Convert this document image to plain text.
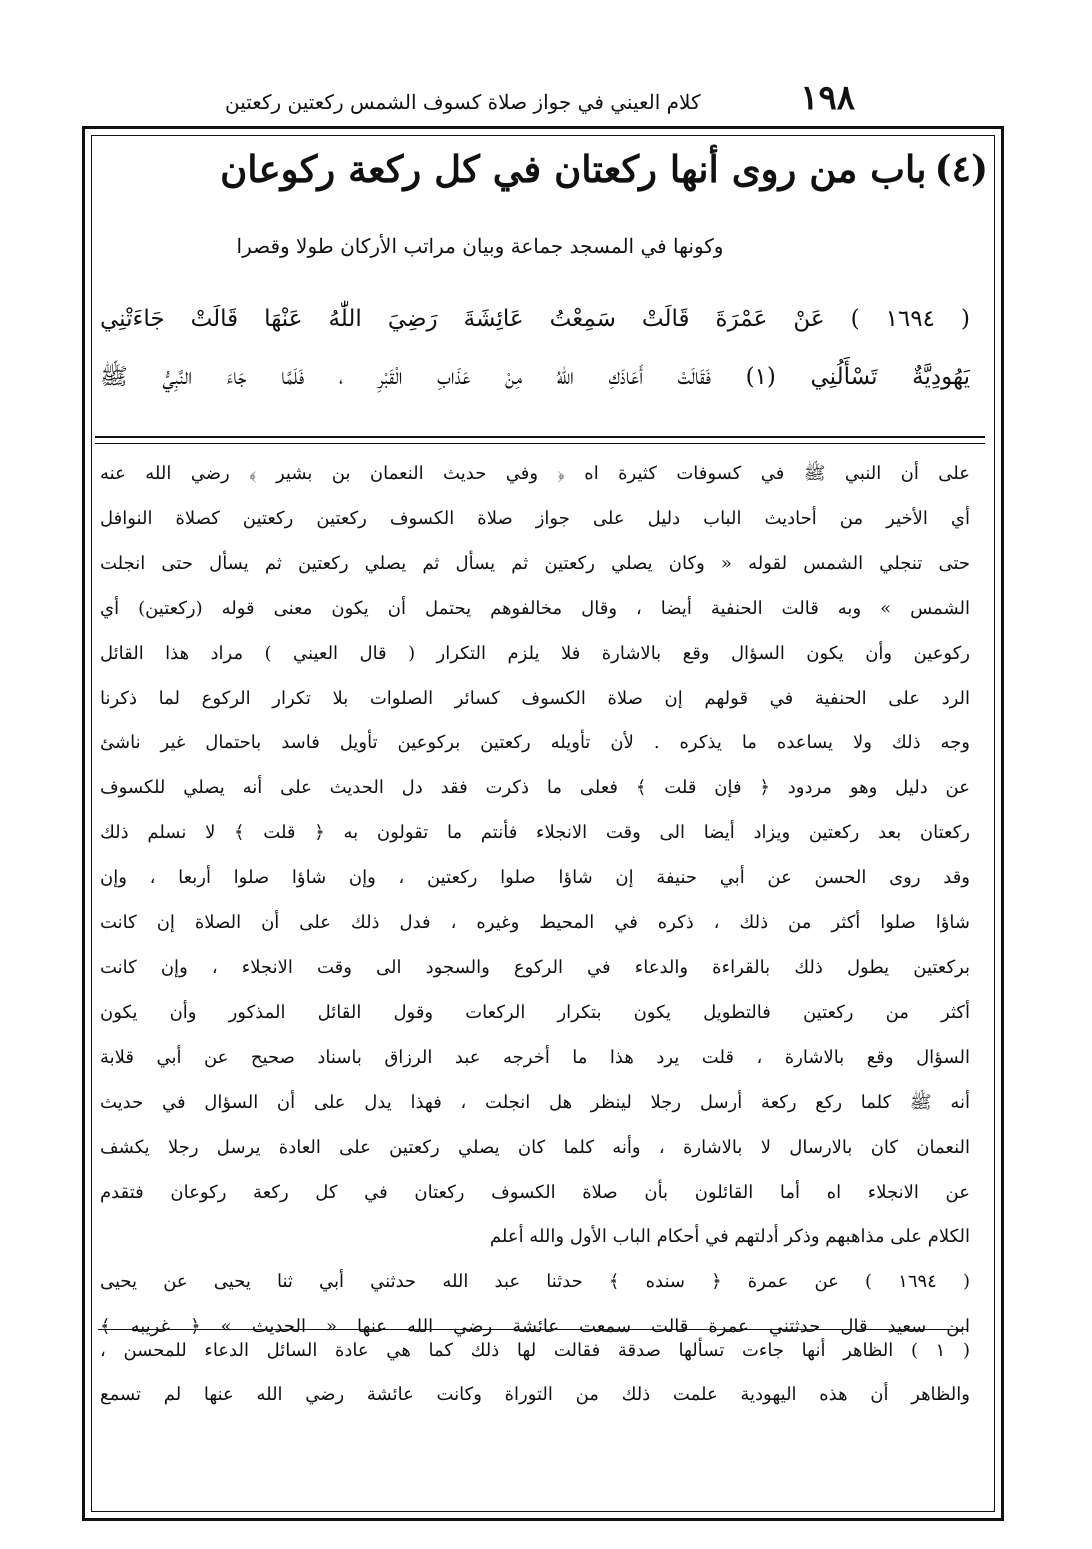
١٩٨
كلام العيني في جواز صلاة كسوف الشمس ركعتين ركعتين
(٤)
باب من روى أنها ركعتان في كل ركعة ركوعان
وكونها في المسجد جماعة وبيان مراتب الأركان طولا وقصرا
( ١٦٩٤ ) عَنْ عَمْرَةَ قَالَتْ سَمِعْتُ عَائِشَةَ رَضِيَ اللّٰهُ عَنْهَا قَالَتْ جَاءَتْنِي
يَهُودِيَّةٌ تَسْأَلُنِي (١) فَقَالَتْ أَعَاذَكِ اللّٰهُ مِنْ عَذَابِ الْقَبْرِ ، فَلَمَّا جَاءَ النَّبِيُّ ﷺ
على أن النبي ﷺ في كسوفات كثيرة اه ﴿ وفي حديث النعمان بن بشير ﴾ رضي الله عنه
أي الأخير من أحاديث الباب دليل على جواز صلاة الكسوف ركعتين ركعتين كصلاة النوافل
حتى تنجلي الشمس لقوله « وكان يصلي ركعتين ثم يسأل ثم يصلي ركعتين ثم يسأل حتى انجلت
الشمس » وبه قالت الحنفية أيضا ، وقال مخالفوهم يحتمل أن يكون معنى قوله (ركعتين) أي
ركوعين وأن يكون السؤال وقع بالاشارة فلا يلزم التكرار ( قال العيني ) مراد هذا القائل
الرد على الحنفية في قولهم إن صلاة الكسوف كسائر الصلوات بلا تكرار الركوع لما ذكرنا
وجه ذلك ولا يساعده ما يذكره . لأن تأويله ركعتين بركوعين تأويل فاسد باحتمال غير ناشئ
عن دليل وهو مردود ﴿ فإن قلت ﴾ فعلى ما ذكرت فقد دل الحديث على أنه يصلي للكسوف
ركعتان بعد ركعتين ويزاد أيضا الى وقت الانجلاء فأنتم ما تقولون به ﴿ قلت ﴾ لا نسلم ذلك
وقد روى الحسن عن أبي حنيفة إن شاؤا صلوا ركعتين ، وإن شاؤا صلوا أربعا ، وإن
شاؤا صلوا أكثر من ذلك ، ذكره في المحيط وغيره ، فدل ذلك على أن الصلاة إن كانت
بركعتين يطول ذلك بالقراءة والدعاء في الركوع والسجود الى وقت الانجلاء ، وإن كانت
أكثر من ركعتين فالتطويل يكون بتكرار الركعات وقول القائل المذكور وأن يكون
السؤال وقع بالاشارة ، قلت يرد هذا ما أخرجه عبد الرزاق باسناد صحيح عن أبي قلابة
أنه ﷺ كلما ركع ركعة أرسل رجلا لينظر هل انجلت ، فهذا يدل على أن السؤال في حديث
النعمان كان بالارسال لا بالاشارة ، وأنه كلما كان يصلي ركعتين على العادة يرسل رجلا يكشف
عن الانجلاء اه أما القائلون بأن صلاة الكسوف ركعتان في كل ركعة ركوعان فتقدم
الكلام على مذاهبهم وذكر أدلتهم في أحكام الباب الأول والله أعلم
( ١٦٩٤ ) عن عمرة ﴿ سنده ﴾ حدثنا عبد الله حدثني أبي ثنا يحيى عن يحيى
ابن سعيد قال حدثتني عمرة قالت سمعت عائشة رضي الله عنها « الحديث » ﴿ غريبه ﴾
( ١ ) الظاهر أنها جاءت تسألها صدقة فقالت لها ذلك كما هي عادة السائل الدعاء للمحسن ،
والظاهر أن هذه اليهودية علمت ذلك من التوراة وكانت عائشة رضي الله عنها لم تسمع
